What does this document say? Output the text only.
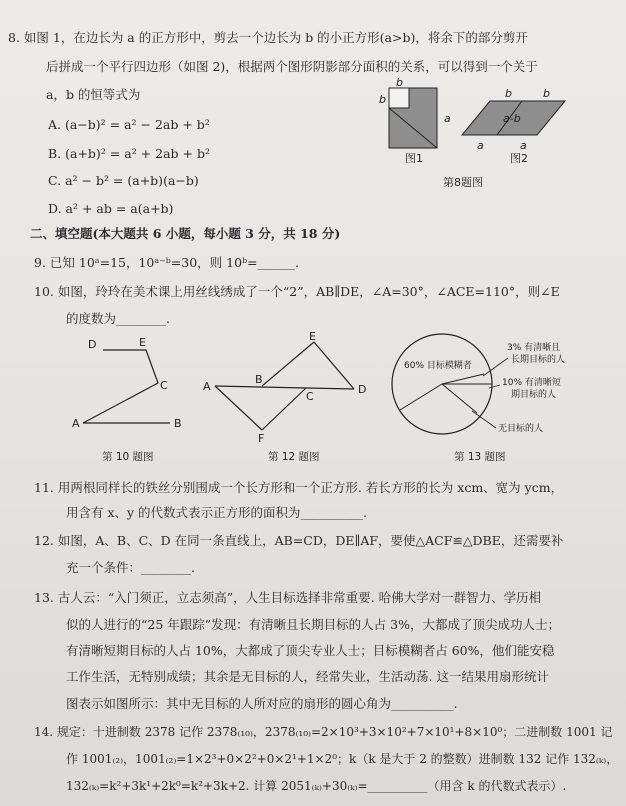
8. 如图 1，在边长为 a 的正方形中，剪去一个边长为 b 的小正方形(a>b)，将余下的部分剪开
后拼成一个平行四边形（如图 2)，根据两个图形阴影部分面积的关系，可以得到一个关于
a，b 的恒等式为
A. (a−b)² = a² − 2ab + b²
B. (a+b)² = a² + 2ab + b²
C. a² − b² = (a+b)(a−b)
D. a² + ab = a(a+b)
b
b
a
图1
b	b
a-b
a	a
图2
第8题图
二、填空题(本大题共 6 小题，每小题 3 分，共 18 分)
9. 已知 10ᵃ=15，10ᵃ⁻ᵇ=30，则 10ᵇ=______.
10. 如图，玲玲在美术课上用丝线绣成了一个“2”，AB∥DE，∠A=30°，∠ACE=110°，则∠E
的度数为________.
D	E
C
A	B
第 10 题图
E
A
B
C
D
F
第 12 题图
60% 目标模糊者
3% 有清晰且
长期目标的人
10% 有清晰短
期目标的人
无目标的人
第 13 题图
11. 用两根同样长的铁丝分别围成一个长方形和一个正方形. 若长方形的长为 xcm、宽为 ycm，
用含有 x、y 的代数式表示正方形的面积为__________.
12. 如图，A、B、C、D 在同一条直线上，AB=CD，DE∥AF，要使△ACF≌△DBE，还需要补
充一个条件：________.
13. 古人云：“入门须正，立志须高”，人生目标选择非常重要. 哈佛大学对一群智力、学历相
似的人进行的“25 年跟踪”发现：有清晰且长期目标的人占 3%，大都成了顶尖成功人士；
有清晰短期目标的人占 10%，大都成了顶尖专业人士；目标模糊者占 60%，他们能安稳
工作生活，无特别成绩；其余是无目标的人，经常失业，生活动荡. 这一结果用扇形统计
图表示如图所示：其中无目标的人所对应的扇形的圆心角为__________.
14. 规定：十进制数 2378 记作 2378₍₁₀₎，2378₍₁₀₎=2×10³+3×10²+7×10¹+8×10⁰；二进制数 1001 记
作 1001₍₂₎，1001₍₂₎=1×2³+0×2²+0×2¹+1×2⁰；k（k 是大于 2 的整数）进制数 132 记作 132₍ₖ₎，
132₍ₖ₎=k²+3k¹+2k⁰=k²+3k+2. 计算 2051₍ₖ₎+30₍ₖ₎=__________（用含 k 的代数式表示）.
